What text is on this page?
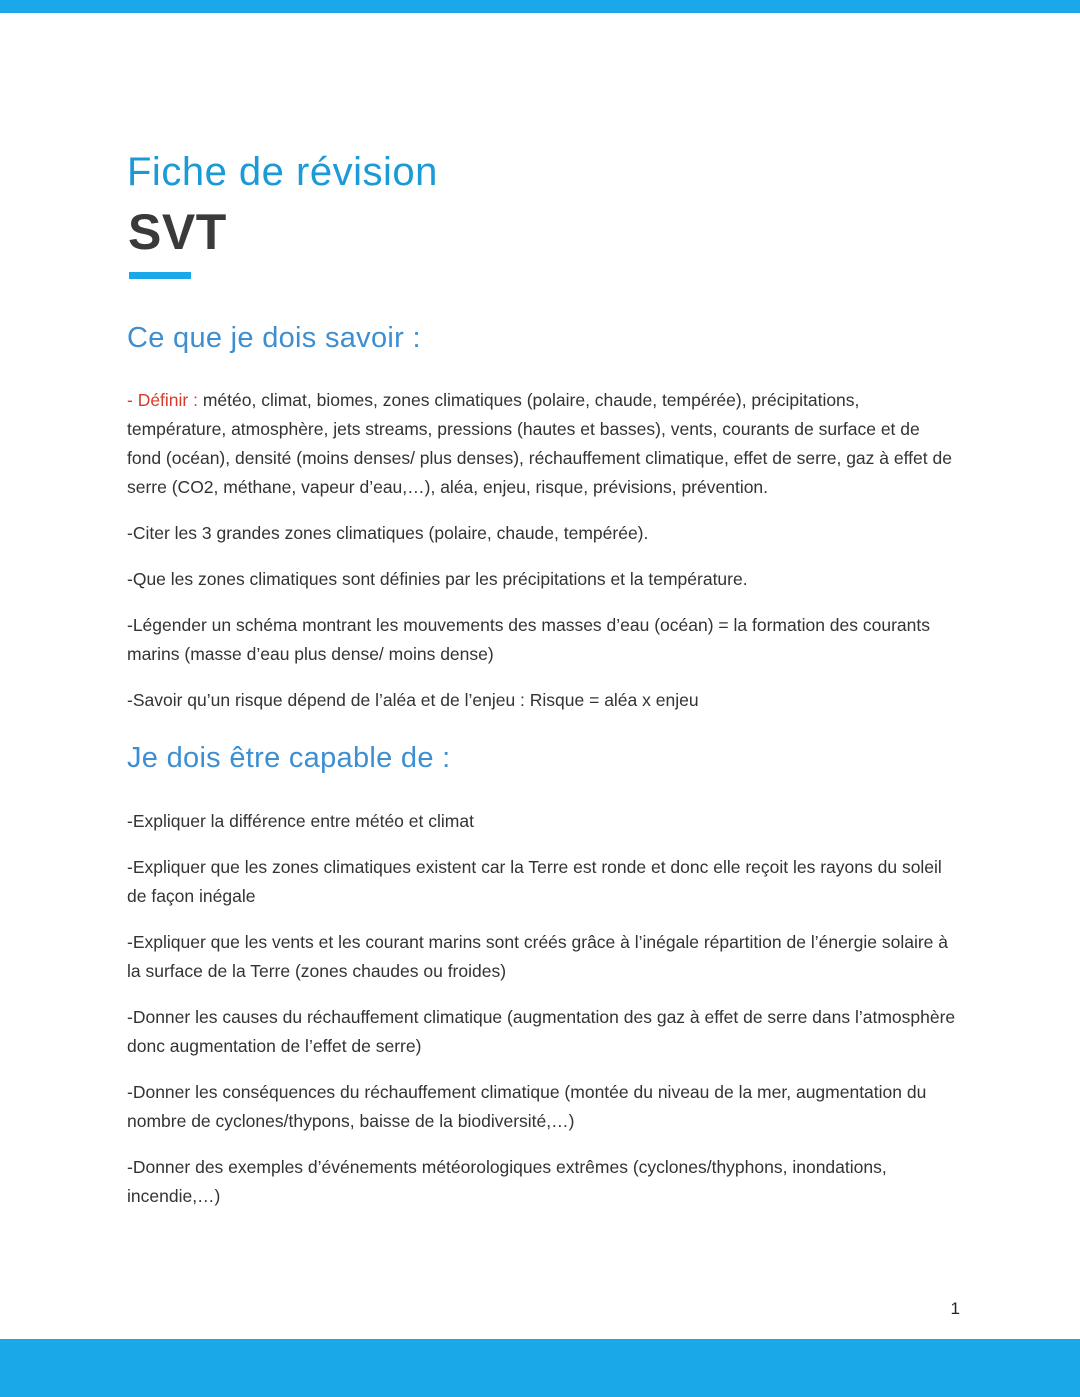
Fiche de révision
SVT
Ce que je dois savoir :

- Définir : météo, climat, biomes, zones climatiques (polaire, chaude, tempérée), précipitations, température, atmosphère, jets streams, pressions (hautes et basses), vents, courants de surface et de fond (océan), densité (moins denses/ plus denses), réchauffement climatique, effet de serre, gaz à effet de serre (CO2, méthane, vapeur d’eau,…), aléa, enjeu, risque, prévisions, prévention.

-Citer les 3 grandes zones climatiques (polaire, chaude, tempérée).

-Que les zones climatiques sont définies par les précipitations et la température.

-Légender un schéma montrant les mouvements des masses d’eau (océan) = la formation des courants marins (masse d’eau plus dense/ moins dense)

-Savoir qu’un risque dépend de l’aléa et de l’enjeu : Risque = aléa x enjeu

Je dois être capable de :

-Expliquer la différence entre météo et climat

-Expliquer que les zones climatiques existent car la Terre est ronde et donc elle reçoit les rayons du soleil de façon inégale

-Expliquer que les vents et les courant marins sont créés grâce à l’inégale répartition de l’énergie solaire à la surface de la Terre (zones chaudes ou froides)

-Donner les causes du réchauffement climatique (augmentation des gaz à effet de serre dans l’atmosphère donc augmentation de l’effet de serre)

-Donner les conséquences du réchauffement climatique (montée du niveau de la mer, augmentation du nombre de cyclones/thypons, baisse de la biodiversité,…)

-Donner des exemples d’événements météorologiques extrêmes (cyclones/thyphons, inondations, incendie,…)

1
